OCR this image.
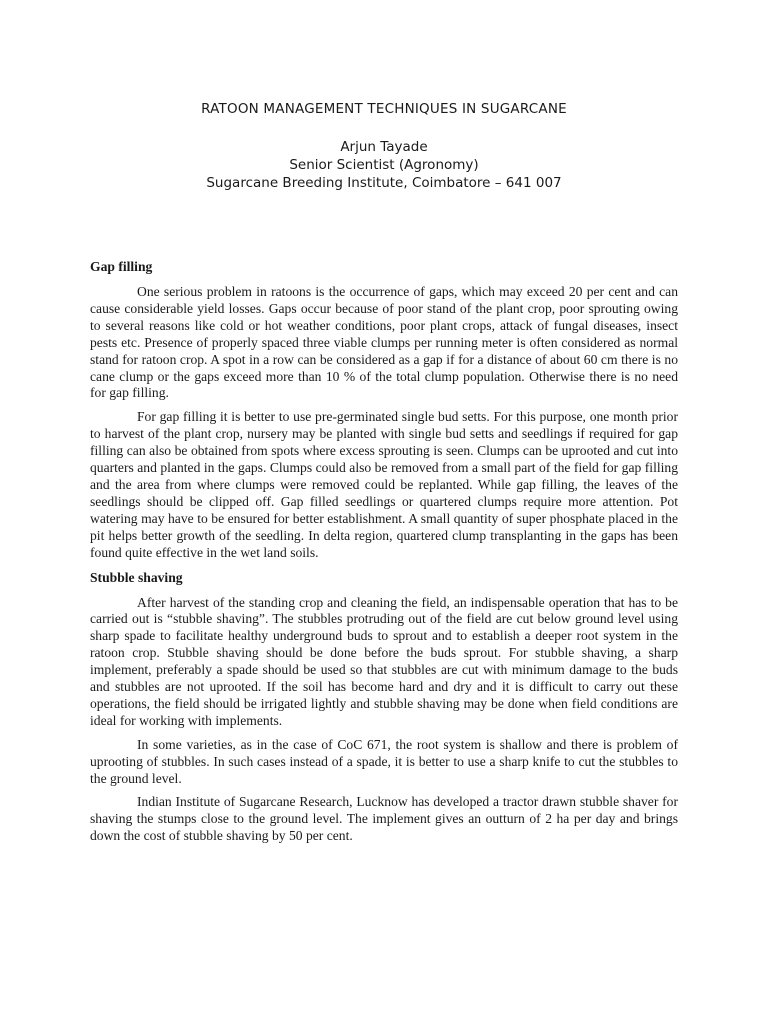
RATOON MANAGEMENT TECHNIQUES IN SUGARCANE

Arjun Tayade

Senior Scientist (Agronomy)

Sugarcane Breeding Institute, Coimbatore – 641 007

Gap filling

One serious problem in ratoons is the occurrence of gaps, which may exceed 20 per cent and can cause considerable yield losses. Gaps occur because of poor stand of the plant crop, poor sprouting owing to several reasons like cold or hot weather conditions, poor plant crops, attack of fungal diseases, insect pests etc. Presence of properly spaced three viable clumps per running meter is often considered as normal stand for ratoon crop. A spot in a row can be considered as a gap if for a distance of about 60 cm there is no cane clump or the gaps exceed more than 10 % of the total clump population. Otherwise there is no need for gap filling.

For gap filling it is better to use pre-germinated single bud setts. For this purpose, one month prior to harvest of the plant crop, nursery may be planted with single bud setts and seedlings if required for gap filling can also be obtained from spots where excess sprouting is seen. Clumps can be uprooted and cut into quarters and planted in the gaps. Clumps could also be removed from a small part of the field for gap filling and the area from where clumps were removed could be replanted. While gap filling, the leaves of the seedlings should be clipped off. Gap filled seedlings or quartered clumps require more attention. Pot watering may have to be ensured for better establishment. A small quantity of super phosphate placed in the pit helps better growth of the seedling. In delta region, quartered clump transplanting in the gaps has been found quite effective in the wet land soils.

Stubble shaving

After harvest of the standing crop and cleaning the field, an indispensable operation that has to be carried out is “stubble shaving”. The stubbles protruding out of the field are cut below ground level using sharp spade to facilitate healthy underground buds to sprout and to establish a deeper root system in the ratoon crop. Stubble shaving should be done before the buds sprout. For stubble shaving, a sharp implement, preferably a spade should be used so that stubbles are cut with minimum damage to the buds and stubbles are not uprooted. If the soil has become hard and dry and it is difficult to carry out these operations, the field should be irrigated lightly and stubble shaving may be done when field conditions are ideal for working with implements.

In some varieties, as in the case of CoC 671, the root system is shallow and there is problem of uprooting of stubbles. In such cases instead of a spade, it is better to use a sharp knife to cut the stubbles to the ground level.

Indian Institute of Sugarcane Research, Lucknow has developed a tractor drawn stubble shaver for shaving the stumps close to the ground level. The implement gives an outturn of 2 ha per day and brings down the cost of stubble shaving by 50 per cent.
